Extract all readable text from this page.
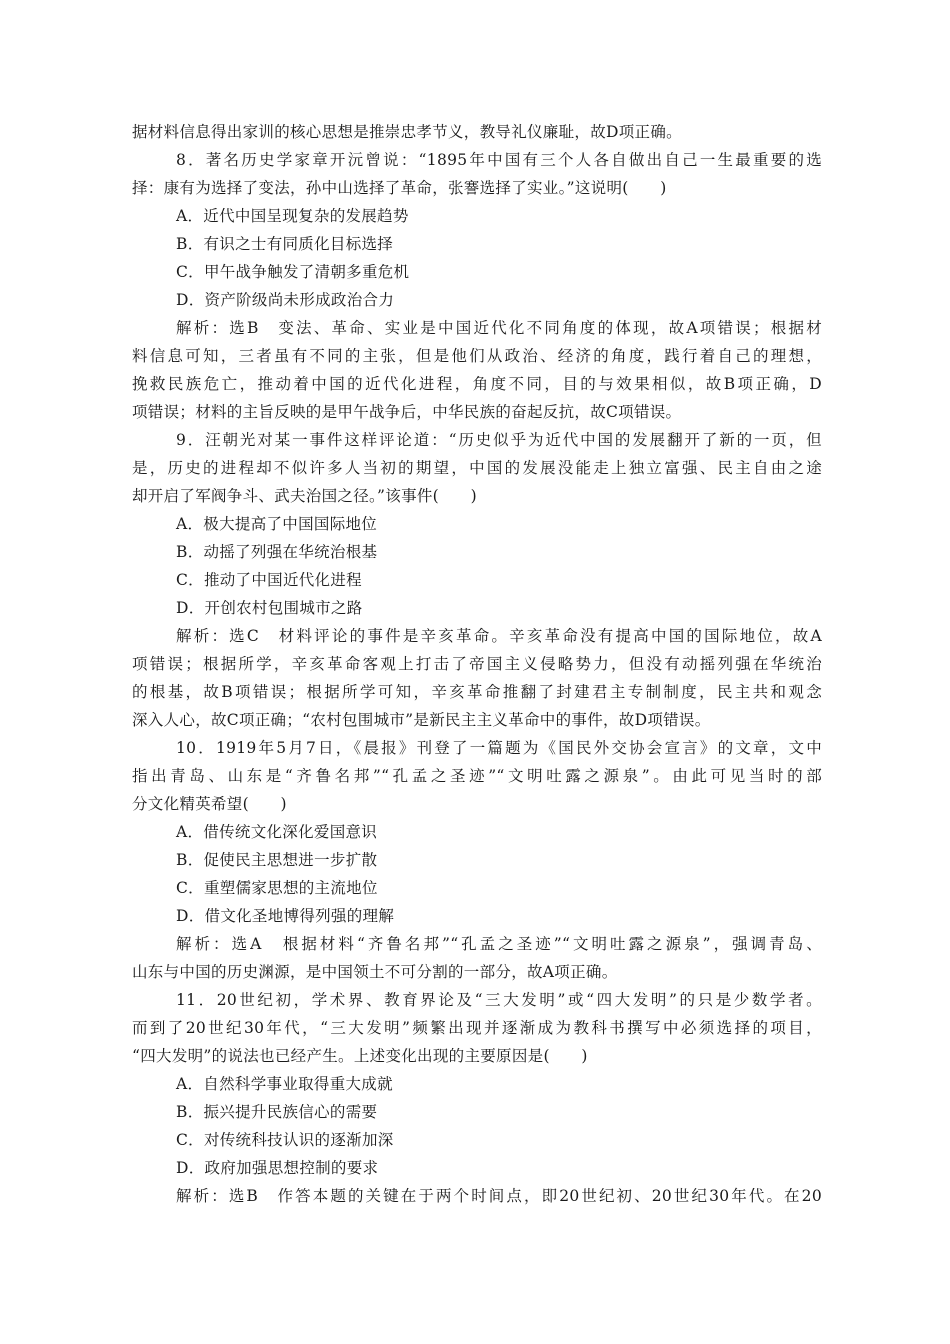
据材料信息得出家训的核心思想是推崇忠孝节义，教导礼仪廉耻，故D项正确。
8．著名历史学家章开沅曾说：“1895年中国有三个人各自做出自己一生最重要的选
择：康有为选择了变法，孙中山选择了革命，张謇选择了实业。”这说明(　　)
A．近代中国呈现复杂的发展趋势
B．有识之士有同质化目标选择
C．甲午战争触发了清朝多重危机
D．资产阶级尚未形成政治合力
解析：选B　变法、革命、实业是中国近代化不同角度的体现，故A项错误；根据材
料信息可知，三者虽有不同的主张，但是他们从政治、经济的角度，践行着自己的理想，
挽救民族危亡，推动着中国的近代化进程，角度不同，目的与效果相似，故B项正确，D
项错误；材料的主旨反映的是甲午战争后，中华民族的奋起反抗，故C项错误。
9．汪朝光对某一事件这样评论道：“历史似乎为近代中国的发展翻开了新的一页，但
是，历史的进程却不似许多人当初的期望，中国的发展没能走上独立富强、民主自由之途
却开启了军阀争斗、武夫治国之径。”该事件(　　)
A．极大提高了中国国际地位
B．动摇了列强在华统治根基
C．推动了中国近代化进程
D．开创农村包围城市之路
解析：选C　材料评论的事件是辛亥革命。辛亥革命没有提高中国的国际地位，故A
项错误；根据所学，辛亥革命客观上打击了帝国主义侵略势力，但没有动摇列强在华统治
的根基，故B项错误；根据所学可知，辛亥革命推翻了封建君主专制制度，民主共和观念
深入人心，故C项正确；“农村包围城市”是新民主主义革命中的事件，故D项错误。
10．1919年5月7日，《晨报》刊登了一篇题为《国民外交协会宣言》的文章，文中
指出青岛、山东是“齐鲁名邦”“孔孟之圣迹”“文明吐露之源泉”。由此可见当时的部
分文化精英希望(　　)
A．借传统文化深化爱国意识
B．促使民主思想进一步扩散
C．重塑儒家思想的主流地位
D．借文化圣地博得列强的理解
解析：选A　根据材料“齐鲁名邦”“孔孟之圣迹”“文明吐露之源泉”，强调青岛、
山东与中国的历史渊源，是中国领土不可分割的一部分，故A项正确。
11．20世纪初，学术界、教育界论及“三大发明”或“四大发明”的只是少数学者。
而到了20世纪30年代，“三大发明”频繁出现并逐渐成为教科书撰写中必须选择的项目，
“四大发明”的说法也已经产生。上述变化出现的主要原因是(　　)
A．自然科学事业取得重大成就
B．振兴提升民族信心的需要
C．对传统科技认识的逐渐加深
D．政府加强思想控制的要求
解析：选B　作答本题的关键在于两个时间点，即20世纪初、20世纪30年代。在20
